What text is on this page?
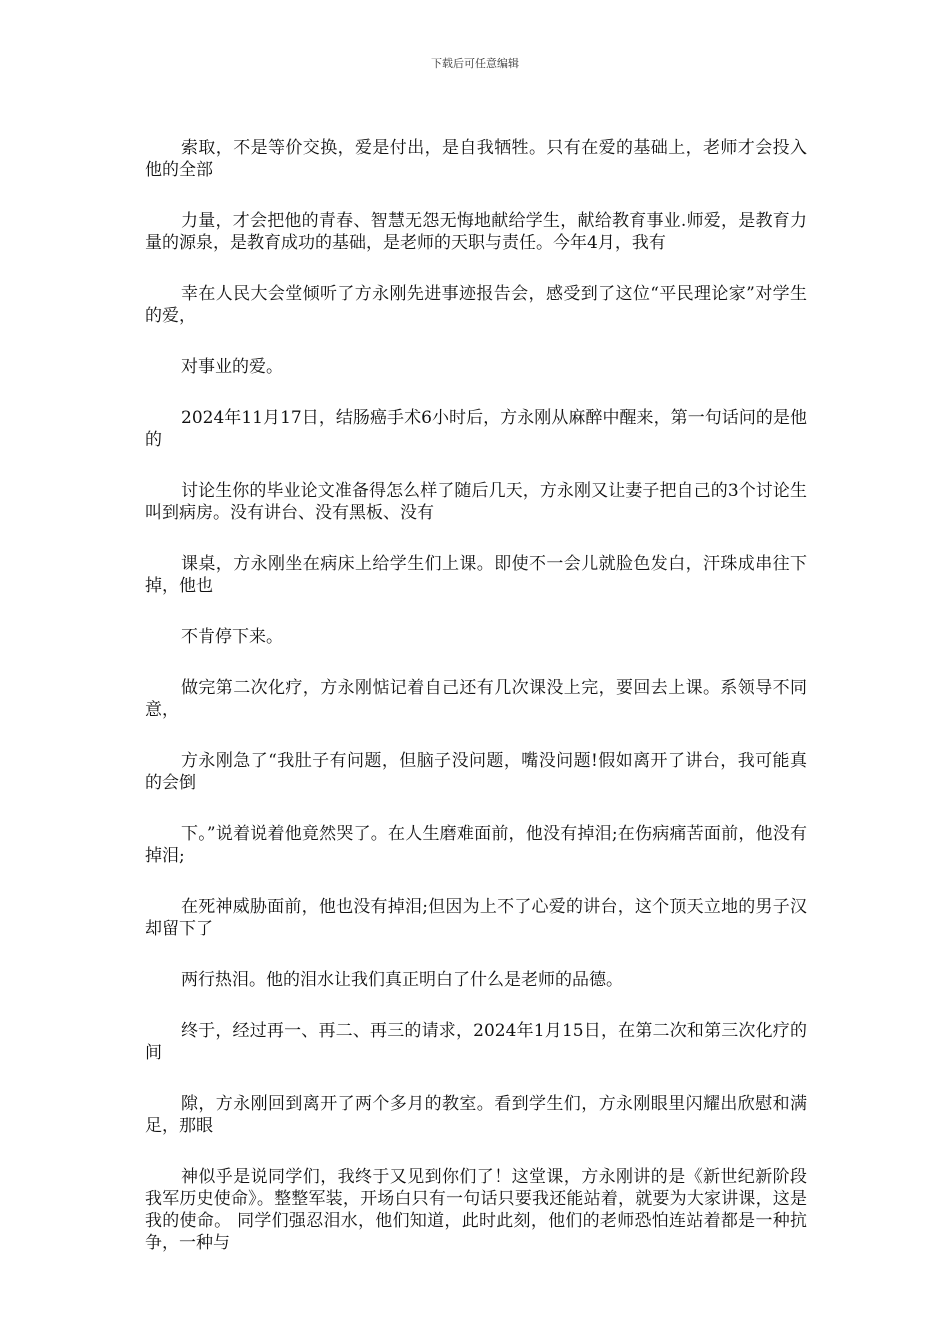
下载后可任意编辑

索取，不是等价交换，爱是付出，是自我牺牲。只有在爱的基础上，老师才会投入他的全部

力量，才会把他的青春、智慧无怨无悔地献给学生，献给教育事业.师爱，是教育力量的源泉，是教育成功的基础，是老师的天职与责任。今年4月，我有

幸在人民大会堂倾听了方永刚先进事迹报告会，感受到了这位“平民理论家”对学生的爱，

对事业的爱。

2024年11月17日，结肠癌手术6小时后，方永刚从麻醉中醒来，第一句话问的是他的

讨论生你的毕业论文准备得怎么样了随后几天，方永刚又让妻子把自己的3个讨论生叫到病房。没有讲台、没有黑板、没有

课桌，方永刚坐在病床上给学生们上课。即使不一会儿就脸色发白，汗珠成串往下掉，他也

不肯停下来。

做完第二次化疗，方永刚惦记着自己还有几次课没上完，要回去上课。系领导不同意，

方永刚急了“我肚子有问题，但脑子没问题，嘴没问题!假如离开了讲台，我可能真的会倒

下。”说着说着他竟然哭了。在人生磨难面前，他没有掉泪;在伤病痛苦面前，他没有掉泪;

在死神威胁面前，他也没有掉泪;但因为上不了心爱的讲台，这个顶天立地的男子汉却留下了

两行热泪。他的泪水让我们真正明白了什么是老师的品德。

终于，经过再一、再二、再三的请求，2024年1月15日，在第二次和第三次化疗的间

隙，方永刚回到离开了两个多月的教室。看到学生们，方永刚眼里闪耀出欣慰和满足，那眼

神似乎是说同学们，我终于又见到你们了！这堂课，方永刚讲的是《新世纪新阶段我军历史使命》。整整军装，开场白只有一句话只要我还能站着，就要为大家讲课，这是我的使命。 同学们强忍泪水，他们知道，此时此刻，他们的老师恐怕连站着都是一种抗争，一种与
